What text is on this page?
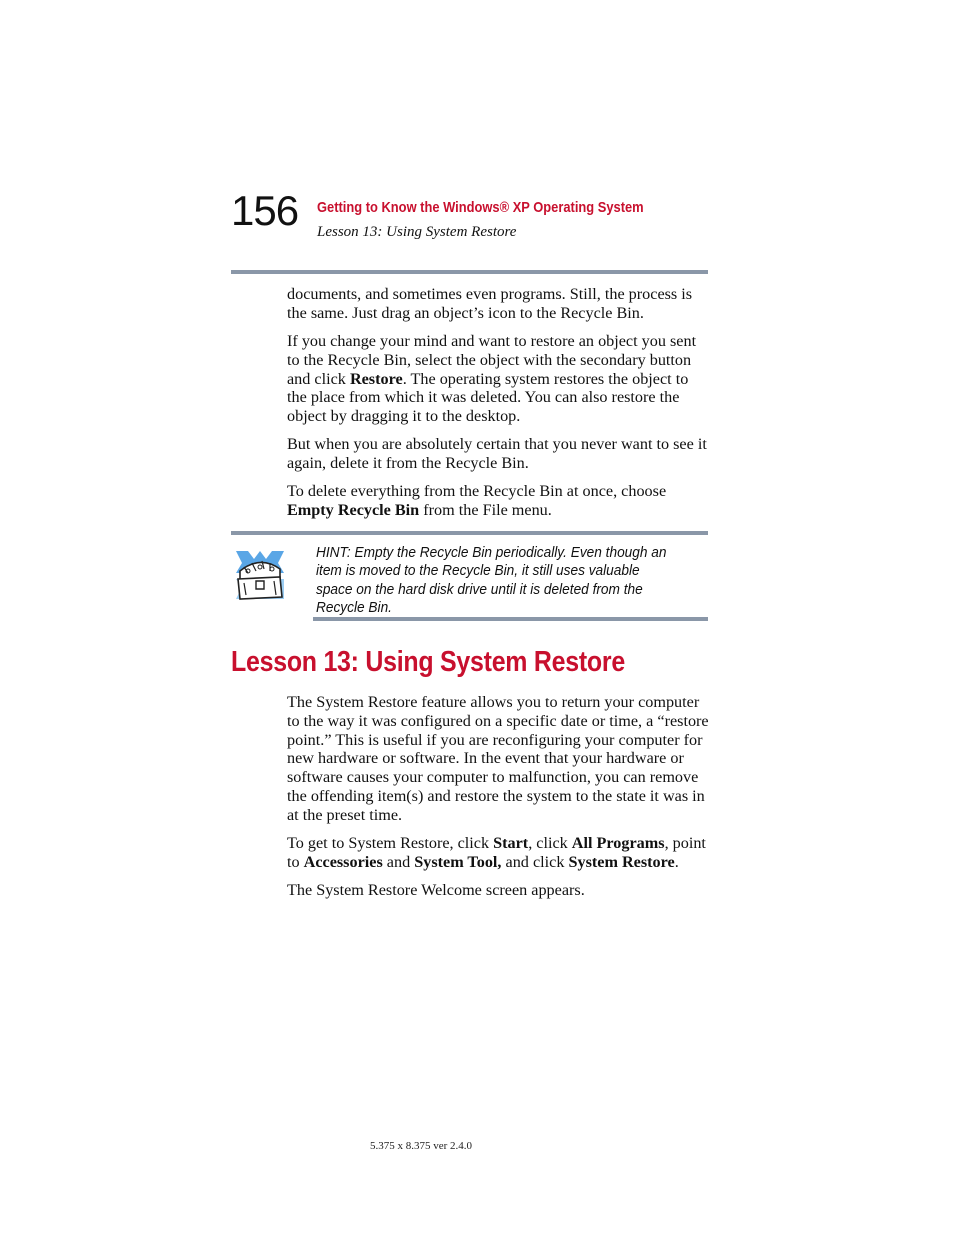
156 Getting to Know the Windows® XP Operating System
Lesson 13: Using System Restore

documents, and sometimes even programs. Still, the process is the same. Just drag an object’s icon to the Recycle Bin.

If you change your mind and want to restore an object you sent to the Recycle Bin, select the object with the secondary button and click Restore. The operating system restores the object to the place from which it was deleted. You can also restore the object by dragging it to the desktop.

But when you are absolutely certain that you never want to see it again, delete it from the Recycle Bin.

To delete everything from the Recycle Bin at once, choose Empty Recycle Bin from the File menu.

HINT: Empty the Recycle Bin periodically. Even though an item is moved to the Recycle Bin, it still uses valuable space on the hard disk drive until it is deleted from the Recycle Bin.
Lesson 13: Using System Restore

The System Restore feature allows you to return your computer to the way it was configured on a specific date or time, a “restore point.” This is useful if you are reconfiguring your computer for new hardware or software. In the event that your hardware or software causes your computer to malfunction, you can remove the offending item(s) and restore the system to the state it was in at the preset time.

To get to System Restore, click Start, click All Programs, point to Accessories and System Tool, and click System Restore.

The System Restore Welcome screen appears.

5.375 x 8.375 ver 2.4.0
